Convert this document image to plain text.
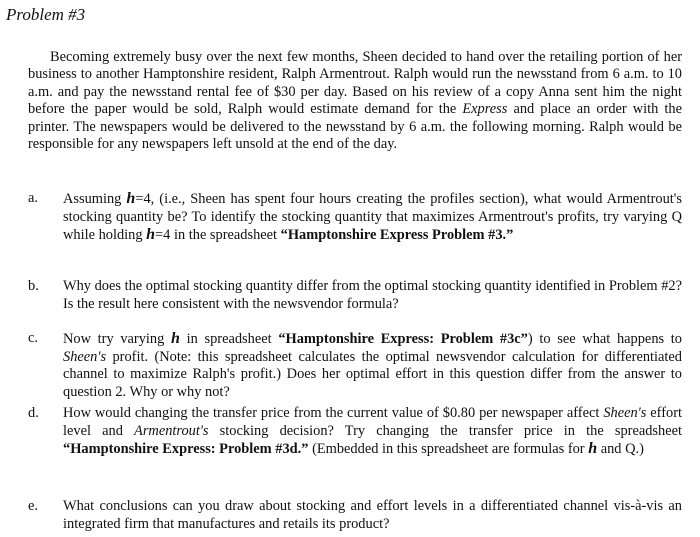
Problem #3

Becoming extremely busy over the next few months, Sheen decided to hand over the retailing portion of her business to another Hamptonshire resident, Ralph Armentrout. Ralph would run the newsstand from 6 a.m. to 10 a.m. and pay the newsstand rental fee of $30 per day. Based on his review of a copy Anna sent him the night before the paper would be sold, Ralph would estimate demand for the Express and place an order with the printer. The newspapers would be delivered to the newsstand by 6 a.m. the following morning. Ralph would be responsible for any newspapers left unsold at the end of the day.

a.	Assuming h=4, (i.e., Sheen has spent four hours creating the profiles section), what would Armentrout's stocking quantity be? To identify the stocking quantity that maximizes Armentrout's profits, try varying Q while holding h=4 in the spreadsheet “Hamptonshire Express Problem #3.”
b.	Why does the optimal stocking quantity differ from the optimal stocking quantity identified in Problem #2? Is the result here consistent with the newsvendor formula?
c.	Now try varying h in spreadsheet “Hamptonshire Express: Problem #3c”) to see what happens to Sheen's profit. (Note: this spreadsheet calculates the optimal newsvendor calculation for differentiated channel to maximize Ralph's profit.) Does her optimal effort in this question differ from the answer to question 2. Why or why not?
d.	How would changing the transfer price from the current value of $0.80 per newspaper affect Sheen's effort level and Armentrout's stocking decision? Try changing the transfer price in the spreadsheet “Hamptonshire Express: Problem #3d.” (Embedded in this spreadsheet are formulas for h and Q.)
e.	What conclusions can you draw about stocking and effort levels in a differentiated channel vis-à-vis an integrated firm that manufactures and retails its product?
